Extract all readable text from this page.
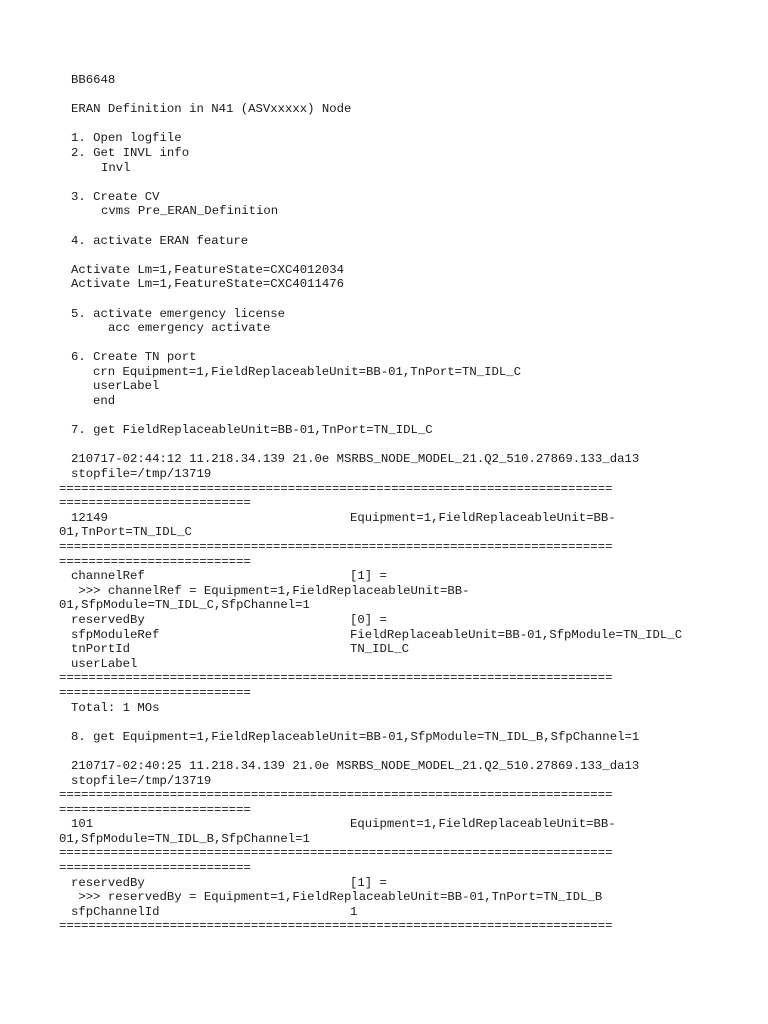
BB6648
ERAN Definition in N41 (ASVxxxxx) Node
1. Open logfile
2. Get INVL info
Invl
3. Create CV
cvms Pre_ERAN_Definition
4. activate ERAN feature
Activate Lm=1,FeatureState=CXC4012034
Activate Lm=1,FeatureState=CXC4011476
5. activate emergency license
acc emergency activate
6. Create TN port
crn Equipment=1,FieldReplaceableUnit=BB-01,TnPort=TN_IDL_C
userLabel
end
7. get FieldReplaceableUnit=BB-01,TnPort=TN_IDL_C
210717-02:44:12 11.218.34.139 21.0e MSRBS_NODE_MODEL_21.Q2_510.27869.133_da13
stopfile=/tmp/13719
===========================================================================
==========================
12149	Equipment=1,FieldReplaceableUnit=BB-
01,TnPort=TN_IDL_C
===========================================================================
==========================
channelRef	[1] =
>>> channelRef = Equipment=1,FieldReplaceableUnit=BB-
01,SfpModule=TN_IDL_C,SfpChannel=1
reservedBy	[0] =
sfpModuleRef	FieldReplaceableUnit=BB-01,SfpModule=TN_IDL_C
tnPortId	TN_IDL_C
userLabel
===========================================================================
==========================
Total: 1 MOs
8. get Equipment=1,FieldReplaceableUnit=BB-01,SfpModule=TN_IDL_B,SfpChannel=1
210717-02:40:25 11.218.34.139 21.0e MSRBS_NODE_MODEL_21.Q2_510.27869.133_da13
stopfile=/tmp/13719
===========================================================================
==========================
101	Equipment=1,FieldReplaceableUnit=BB-
01,SfpModule=TN_IDL_B,SfpChannel=1
===========================================================================
==========================
reservedBy	[1] =
>>> reservedBy = Equipment=1,FieldReplaceableUnit=BB-01,TnPort=TN_IDL_B
sfpChannelId	1
===========================================================================
